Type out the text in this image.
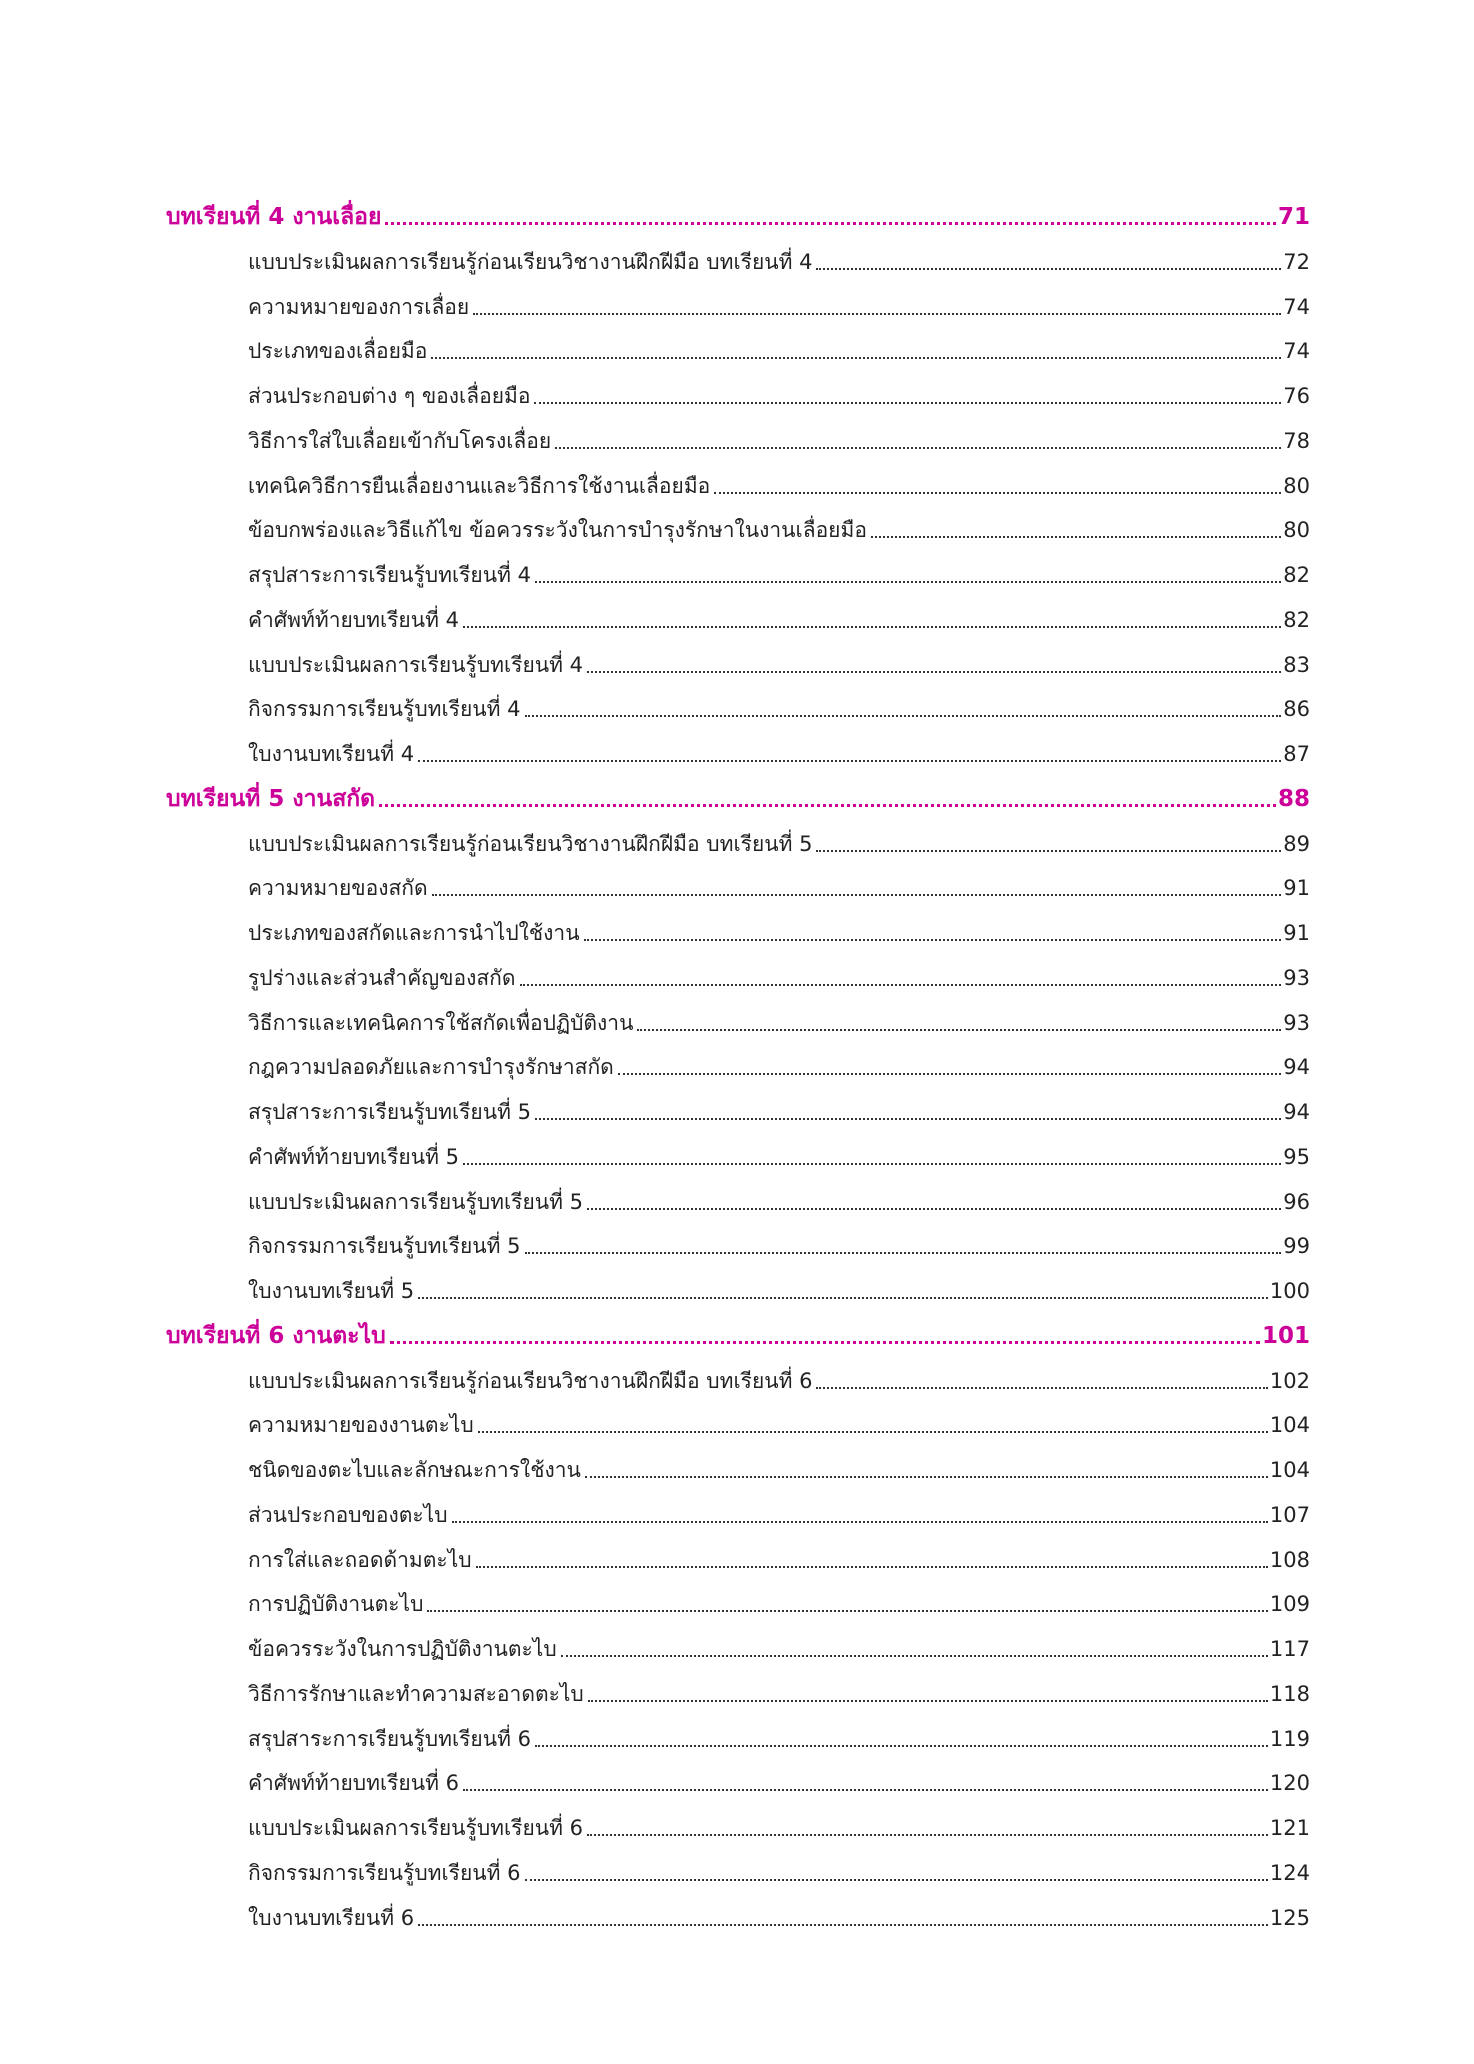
บทเรียนที่ 4 งานเลื่อย	71
แบบประเมินผลการเรียนรู้ก่อนเรียนวิชางานฝึกฝีมือ บทเรียนที่ 4	72
ความหมายของการเลื่อย	74
ประเภทของเลื่อยมือ	74
ส่วนประกอบต่าง ๆ ของเลื่อยมือ	76
วิธีการใส่ใบเลื่อยเข้ากับโครงเลื่อย	78
เทคนิควิธีการยืนเลื่อยงานและวิธีการใช้งานเลื่อยมือ	80
ข้อบกพร่องและวิธีแก้ไข ข้อควรระวังในการบำรุงรักษาในงานเลื่อยมือ	80
สรุปสาระการเรียนรู้บทเรียนที่ 4	82
คำศัพท์ท้ายบทเรียนที่ 4	82
แบบประเมินผลการเรียนรู้บทเรียนที่ 4	83
กิจกรรมการเรียนรู้บทเรียนที่ 4	86
ใบงานบทเรียนที่ 4	87
บทเรียนที่ 5 งานสกัด	88
แบบประเมินผลการเรียนรู้ก่อนเรียนวิชางานฝึกฝีมือ บทเรียนที่ 5	89
ความหมายของสกัด	91
ประเภทของสกัดและการนำไปใช้งาน	91
รูปร่างและส่วนสำคัญของสกัด	93
วิธีการและเทคนิคการใช้สกัดเพื่อปฏิบัติงาน	93
กฎความปลอดภัยและการบำรุงรักษาสกัด	94
สรุปสาระการเรียนรู้บทเรียนที่ 5	94
คำศัพท์ท้ายบทเรียนที่ 5	95
แบบประเมินผลการเรียนรู้บทเรียนที่ 5	96
กิจกรรมการเรียนรู้บทเรียนที่ 5	99
ใบงานบทเรียนที่ 5	100
บทเรียนที่ 6 งานตะไบ	101
แบบประเมินผลการเรียนรู้ก่อนเรียนวิชางานฝึกฝีมือ บทเรียนที่ 6	102
ความหมายของงานตะไบ	104
ชนิดของตะไบและลักษณะการใช้งาน	104
ส่วนประกอบของตะไบ	107
การใส่และถอดด้ามตะไบ	108
การปฏิบัติงานตะไบ	109
ข้อควรระวังในการปฏิบัติงานตะไบ	117
วิธีการรักษาและทำความสะอาดตะไบ	118
สรุปสาระการเรียนรู้บทเรียนที่ 6	119
คำศัพท์ท้ายบทเรียนที่ 6	120
แบบประเมินผลการเรียนรู้บทเรียนที่ 6	121
กิจกรรมการเรียนรู้บทเรียนที่ 6	124
ใบงานบทเรียนที่ 6	125
